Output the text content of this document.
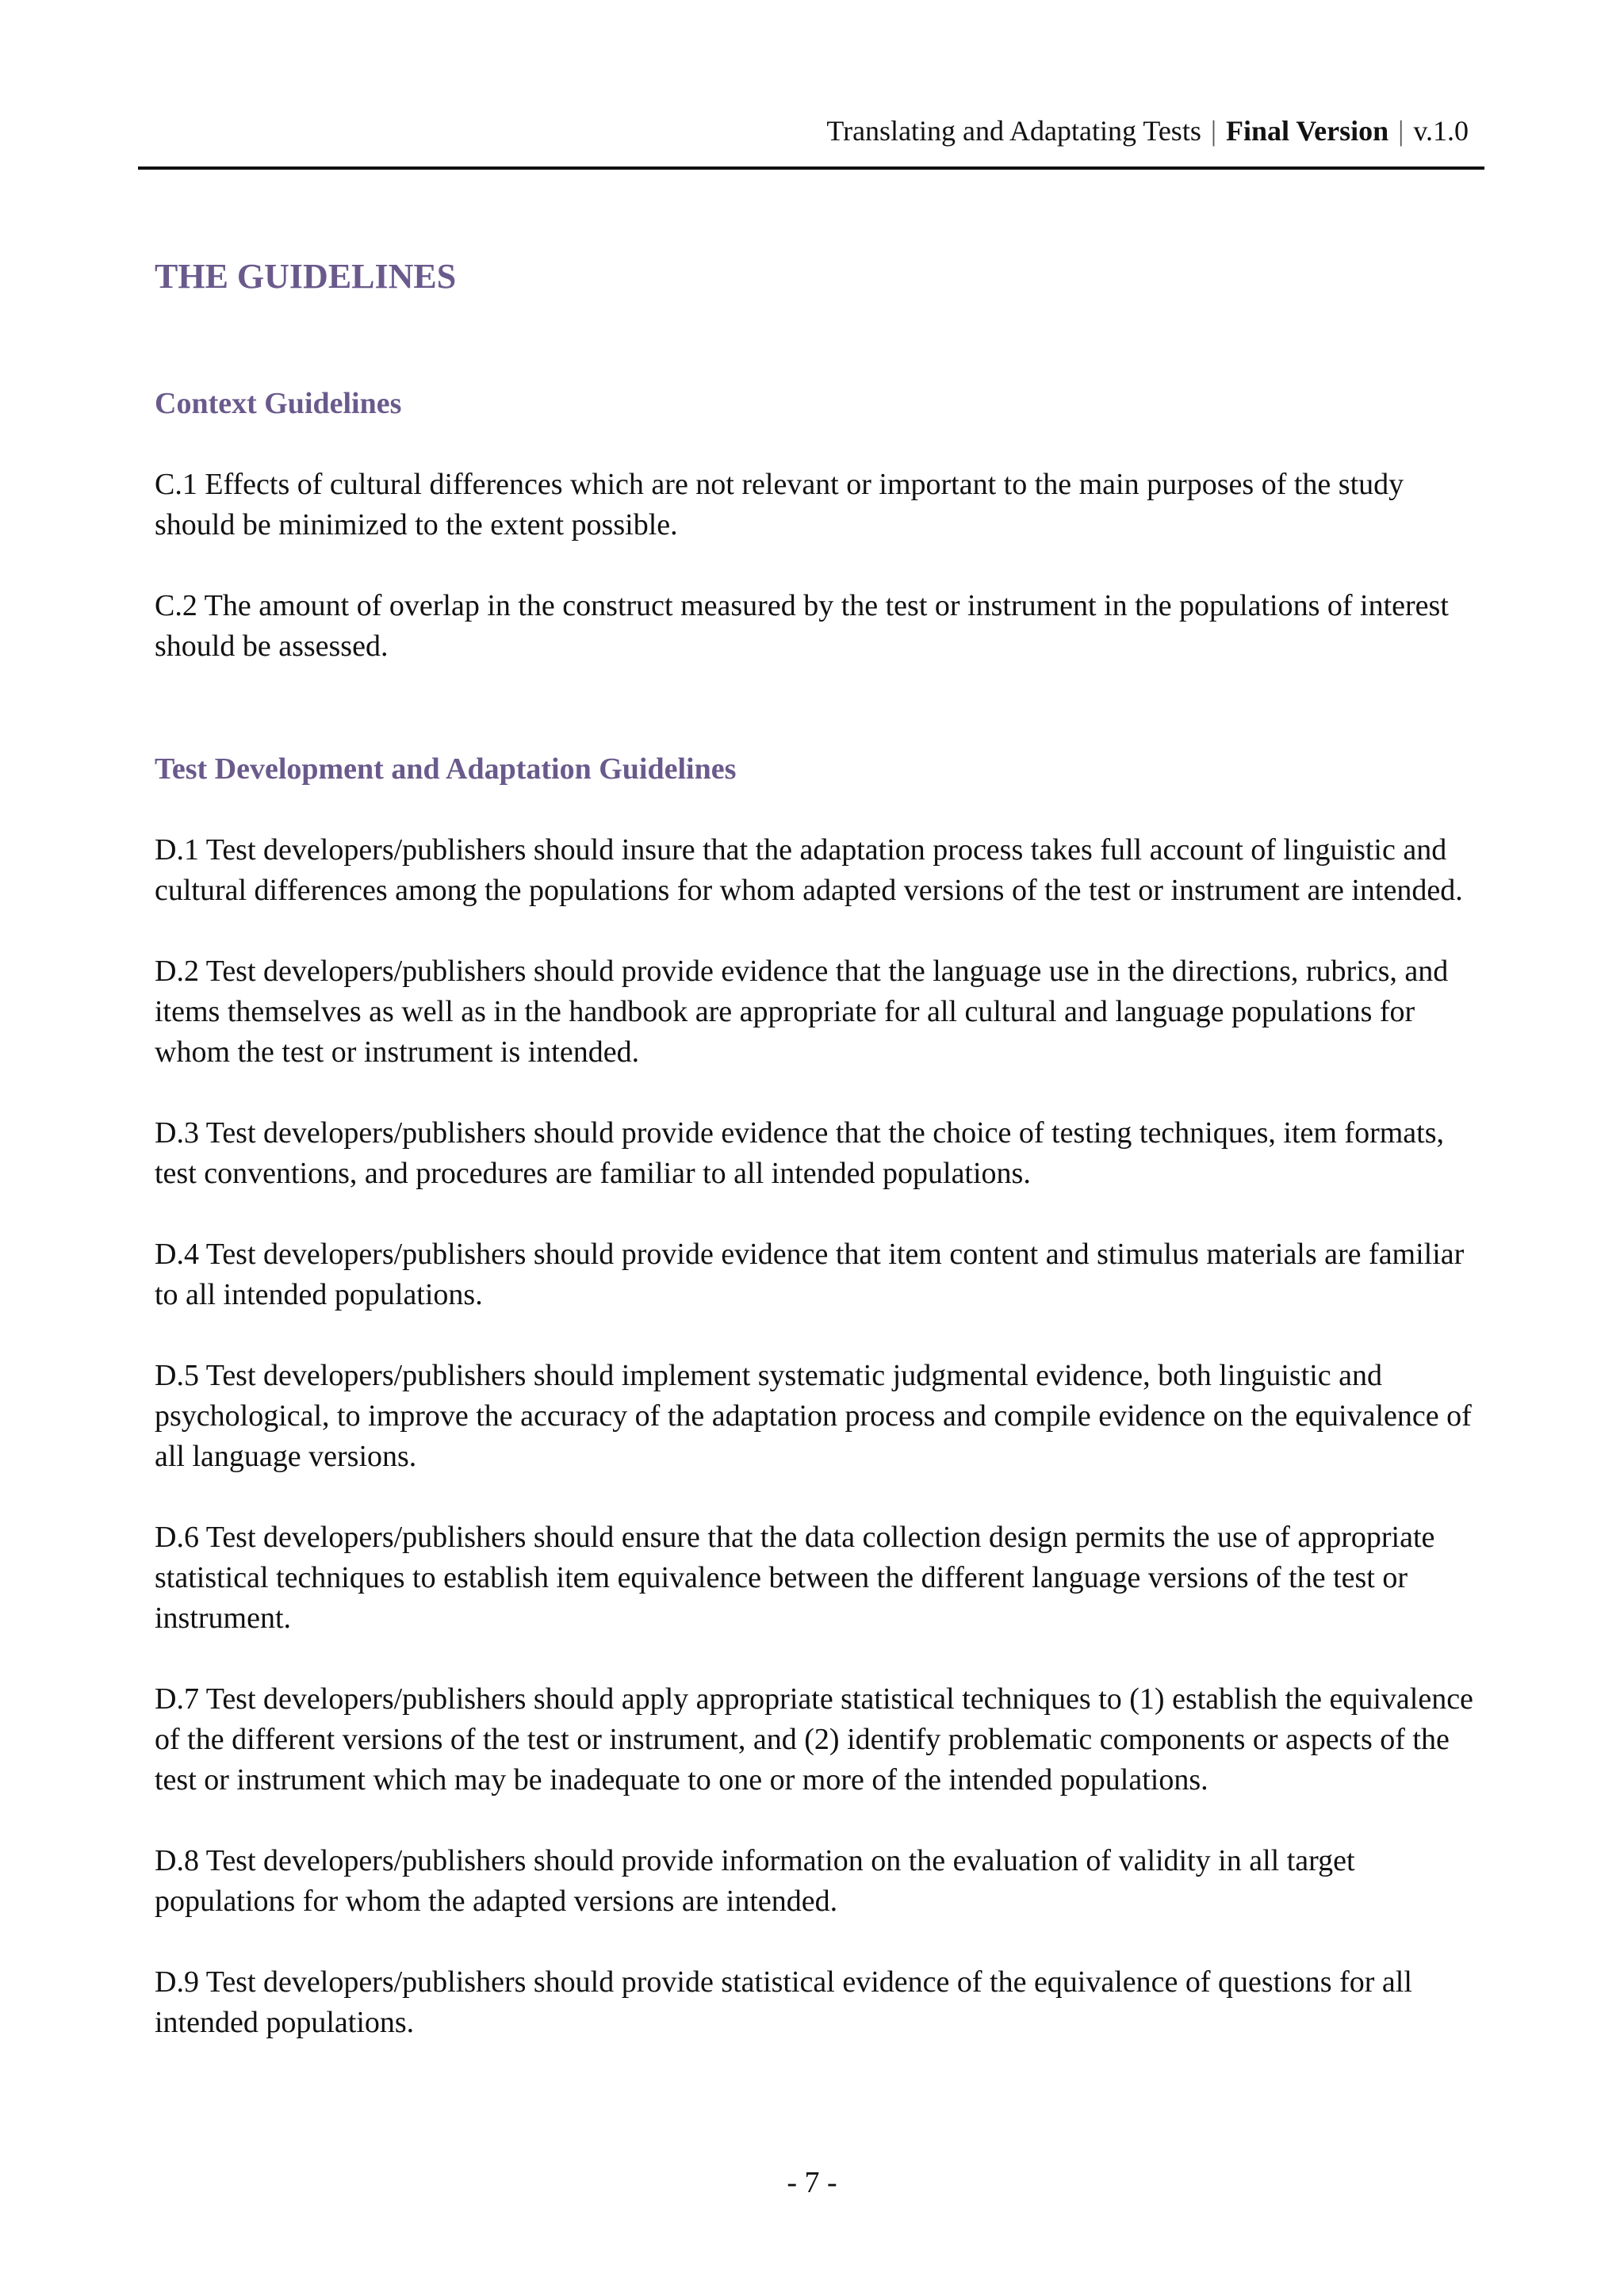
Translating and Adaptating Tests | Final Version | v.1.0
THE GUIDELINES
Context Guidelines

C.1 Effects of cultural differences which are not relevant or important to the main purposes of the study should be minimized to the extent possible.

C.2 The amount of overlap in the construct measured by the test or instrument in the populations of interest should be assessed.

Test Development and Adaptation Guidelines

D.1 Test developers/publishers should insure that the adaptation process takes full account of linguistic and cultural differences among the populations for whom adapted versions of the test or instrument are intended.

D.2 Test developers/publishers should provide evidence that the language use in the directions, rubrics, and items themselves as well as in the handbook are appropriate for all cultural and language populations for whom the test or instrument is intended.

D.3 Test developers/publishers should provide evidence that the choice of testing techniques, item formats, test conventions, and procedures are familiar to all intended populations.

D.4 Test developers/publishers should provide evidence that item content and stimulus materials are familiar to all intended populations.

D.5 Test developers/publishers should implement systematic judgmental evidence, both linguistic and psychological, to improve the accuracy of the adaptation process and compile evidence on the equivalence of all language versions.

D.6 Test developers/publishers should ensure that the data collection design permits the use of appropriate statistical techniques to establish item equivalence between the different language versions of the test or instrument.

D.7 Test developers/publishers should apply appropriate statistical techniques to (1) establish the equivalence of the different versions of the test or instrument, and (2) identify problematic components or aspects of the test or instrument which may be inadequate to one or more of the intended populations.

D.8 Test developers/publishers should provide information on the evaluation of validity in all target populations for whom the adapted versions are intended.

D.9 Test developers/publishers should provide statistical evidence of the equivalence of questions for all intended populations.

- 7 -
